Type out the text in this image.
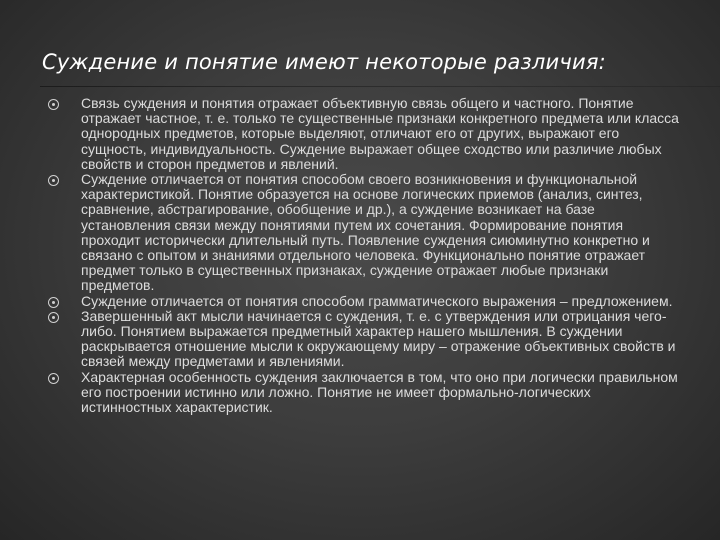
Суждение и понятие имеют некоторые различия:
Связь суждения и понятия отражает объективную связь общего и частного. Понятие отражает частное, т. е. только те существенные признаки конкретного предмета или класса однородных предметов, которые выделяют, отличают его от других, выражают его сущность, индивидуальность. Суждение выражает общее сходство или различие любых свойств и сторон предметов и явлений.
Суждение отличается от понятия способом своего возникновения и функциональной характеристикой. Понятие образуется на основе логических приемов (анализ, синтез, сравнение, абстрагирование, обобщение и др.), а суждение возникает на базе установления связи между понятиями путем их сочетания. Формирование понятия проходит исторически длительный путь. Появление суждения сиюминутно конкретно и связано с опытом и знаниями отдельного человека. Функционально понятие отражает предмет только в существенных признаках, суждение отражает любые признаки предметов.
Суждение отличается от понятия способом грамматического выражения – предложением.
Завершенный акт мысли начинается с суждения, т. е. с утверждения или отрицания чего-либо. Понятием выражается предметный характер нашего мышления. В суждении раскрывается отношение мысли к окружающему миру – отражение объективных свойств и связей между предметами и явлениями.
Характерная особенность суждения заключается в том, что оно при логически правильном его построении истинно или ложно. Понятие не имеет формально-логических истинностных характеристик.
